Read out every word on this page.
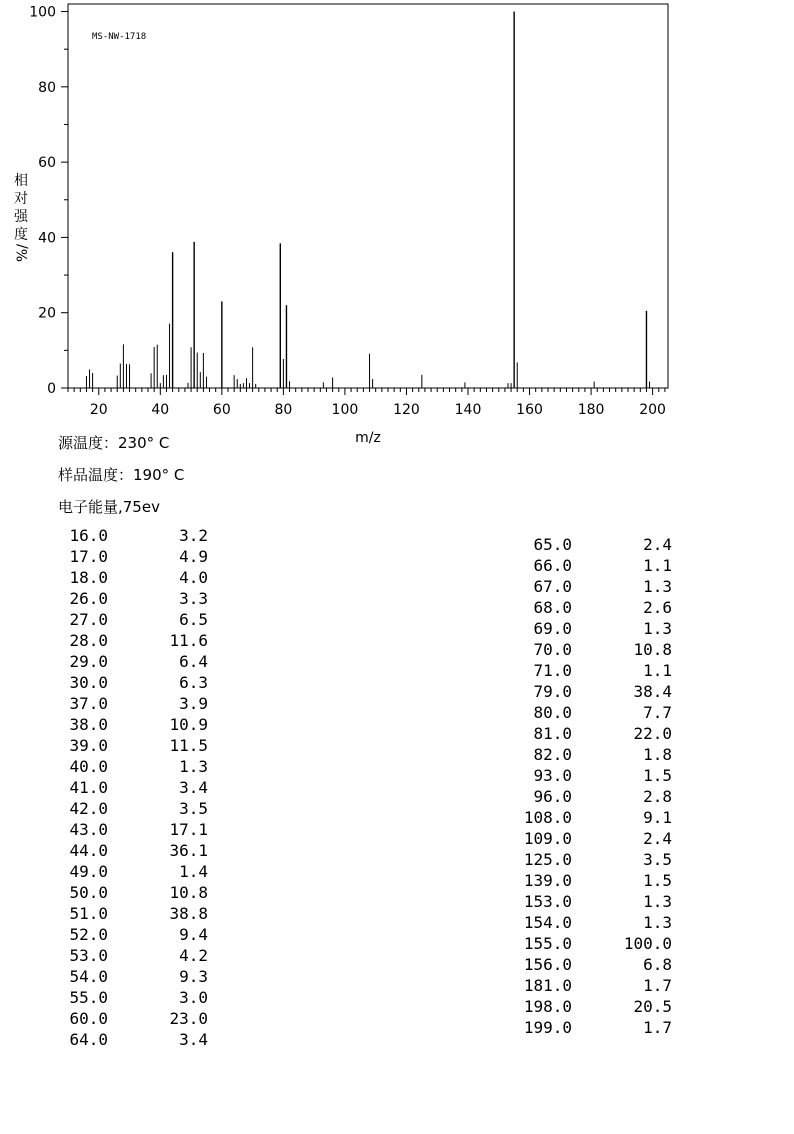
20	40	60	80	100 120 140 160 180 200
0
20
40
60
80
100
MS-NW-1718
m/z
相
对
强
度
%/
源温度：230° C
样品温度：190° C
电子能量,75ev
16.0	3.2
17.0	4.9
18.0	4.0
26.0	3.3
27.0	6.5
28.0	11.6
29.0	6.4
30.0	6.3
37.0	3.9
38.0	10.9
39.0	11.5
40.0	1.3
41.0	3.4
42.0	3.5
43.0	17.1
44.0	36.1
49.0	1.4
50.0	10.8
51.0	38.8
52.0	9.4
53.0	4.2
54.0	9.3
55.0	3.0
60.0	23.0
64.0	3.4
65.0	2.4
66.0	1.1
67.0	1.3
68.0	2.6
69.0	1.3
70.0	10.8
71.0	1.1
79.0	38.4
80.0	7.7
81.0	22.0
82.0	1.8
93.0	1.5
96.0	2.8
108.0	9.1
109.0	2.4
125.0	3.5
139.0	1.5
153.0	1.3
154.0	1.3
155.0	100.0
156.0	6.8
181.0	1.7
198.0	20.5
199.0	1.7
